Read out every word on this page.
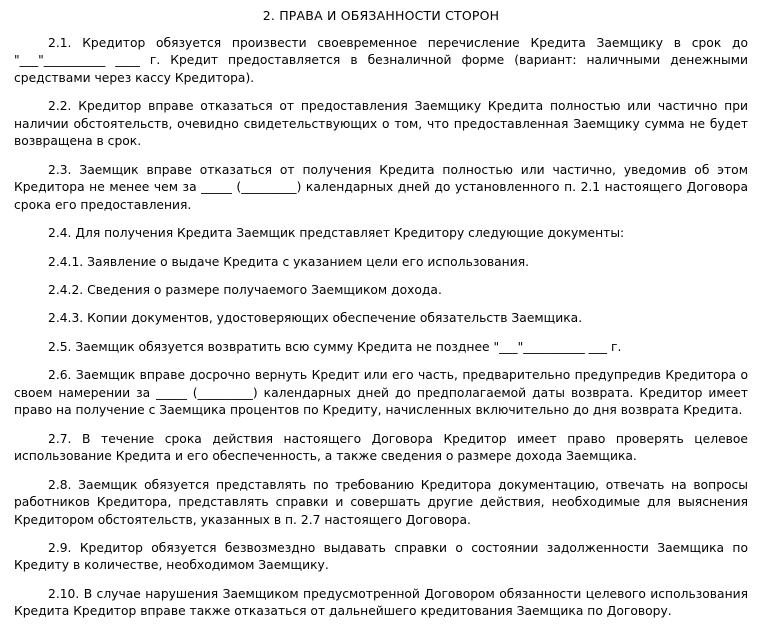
2. ПРАВА И ОБЯЗАННОСТИ СТОРОН

2.1. Кредитор обязуется произвести своевременное перечисление Кредита Заемщику в срок до "___"__________ ____ г. Кредит предоставляется в безналичной форме (вариант: наличными денежными средствами через кассу Кредитора).

2.2. Кредитор вправе отказаться от предоставления Заемщику Кредита полностью или частично при наличии обстоятельств, очевидно свидетельствующих о том, что предоставленная Заемщику сумма не будет возвращена в срок.

2.3. Заемщик вправе отказаться от получения Кредита полностью или частично, уведомив об этом Кредитора не менее чем за _____ (_________) календарных дней до установленного п. 2.1 настоящего Договора срока его предоставления.

2.4. Для получения Кредита Заемщик представляет Кредитору следующие документы:

2.4.1. Заявление о выдаче Кредита с указанием цели его использования.

2.4.2. Сведения о размере получаемого Заемщиком дохода.

2.4.3. Копии документов, удостоверяющих обеспечение обязательств Заемщика.

2.5. Заемщик обязуется возвратить всю сумму Кредита не позднее "___"__________ ___ г.

2.6. Заемщик вправе досрочно вернуть Кредит или его часть, предварительно предупредив Кредитора о своем намерении за _____ (_________) календарных дней до предполагаемой даты возврата. Кредитор имеет право на получение с Заемщика процентов по Кредиту, начисленных включительно до дня возврата Кредита.

2.7. В течение срока действия настоящего Договора Кредитор имеет право проверять целевое использование Кредита и его обеспеченность, а также сведения о размере дохода Заемщика.

2.8. Заемщик обязуется представлять по требованию Кредитора документацию, отвечать на вопросы работников Кредитора, представлять справки и совершать другие действия, необходимые для выяснения Кредитором обстоятельств, указанных в п. 2.7 настоящего Договора.

2.9. Кредитор обязуется безвозмездно выдавать справки о состоянии задолженности Заемщика по Кредиту в количестве, необходимом Заемщику.

2.10. В случае нарушения Заемщиком предусмотренной Договором обязанности целевого использования Кредита Кредитор вправе также отказаться от дальнейшего кредитования Заемщика по Договору.
